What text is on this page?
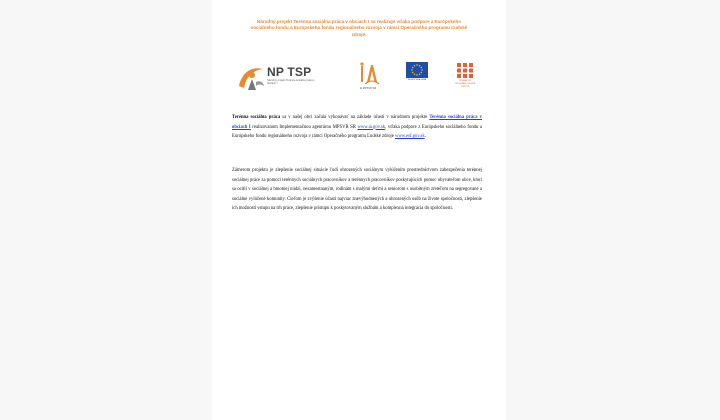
Národný projekt Terénna sociálna práca v obciach I sa realizuje vďaka podpore z Európskeho
sociálneho fondu a Európskeho fondu regionálneho rozvoja v rámci Operačného programu Ľudské
zdroje.
NP TSP
Národný projekt Terénna sociálna práca v obciach I
IA MPSVR SR
EURÓPSKA ÚNIA	OPERAČNÝ PROGRAM ĽUDSKÉ ZDROJE
Terénna sociálna práca sa v našej obci začala vykonávať na základe účasti v národnom projekte Terénna sociálna práca v obciach I realizovanom Implementačnou agentúrou MPSVR SR www.ia.gov.sk, vďaka podpore z Európskeho sociálneho fondu a Európskeho fondu regionálneho rozvoja v rámci Operačného programu Ľudské zdroje www.esf.gov.sk.
Zámerom projektu je zlepšenie sociálnej situácie ľudí ohrozených sociálnym vylúčením prostredníctvom zabezpečenia terénnej sociálnej práce za pomoci terénnych sociálnych pracovníkov a terénnych pracovníkov poskytujúcich pomoc obyvateľom obce, ktorí sa ocitli v sociálnej a hmotnej núdzi, nezamestnaným, rodinám s malými deťmi a seniorom s osobitným zreteľom na segregované a sociálne vylúčené komunity. Cieľom je zvýšenie účasti najviac znevýhodnených a ohrozených osôb na živote spoločnosti, zlepšenie ich možností vstupu na trh práce, zlepšenie prístupu k poskytovaným službám a komplexná integrácia do spoločnosti.
